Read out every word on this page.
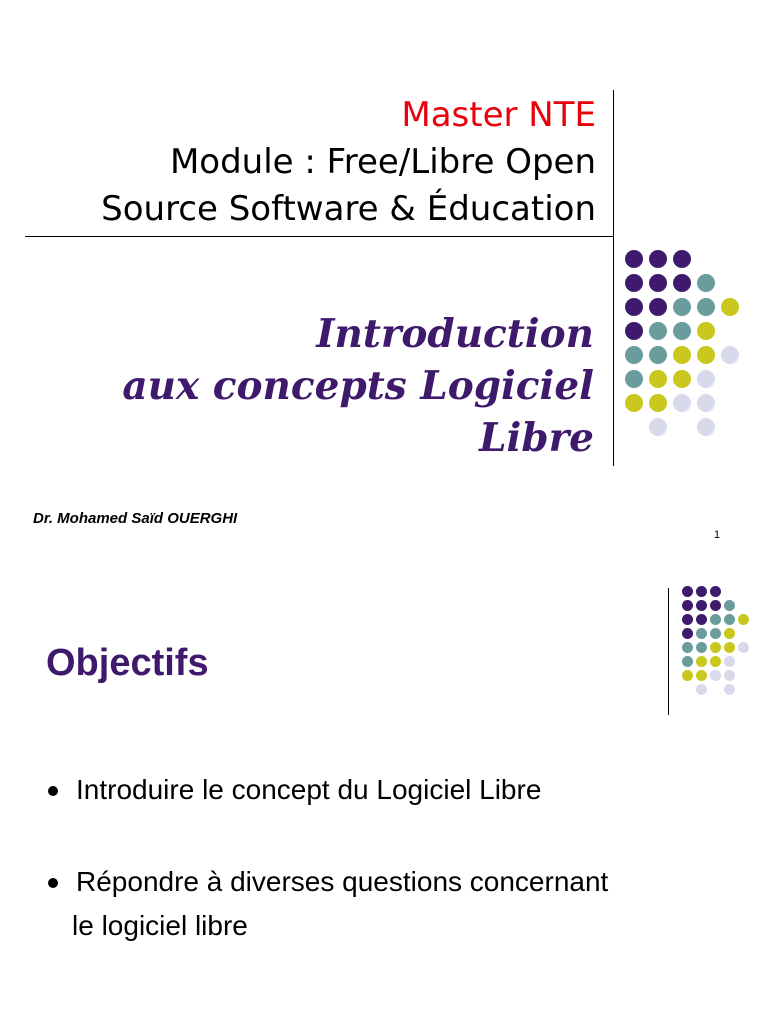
Master NTE
Module : Free/Libre Open
Source Software & Éducation
Introduction
aux concepts Logiciel Libre
Dr. Mohamed Saïd OUERGHI
1
Objectifs
Introduire le concept du Logiciel Libre
Répondre à diverses questions concernant
le logiciel libre
